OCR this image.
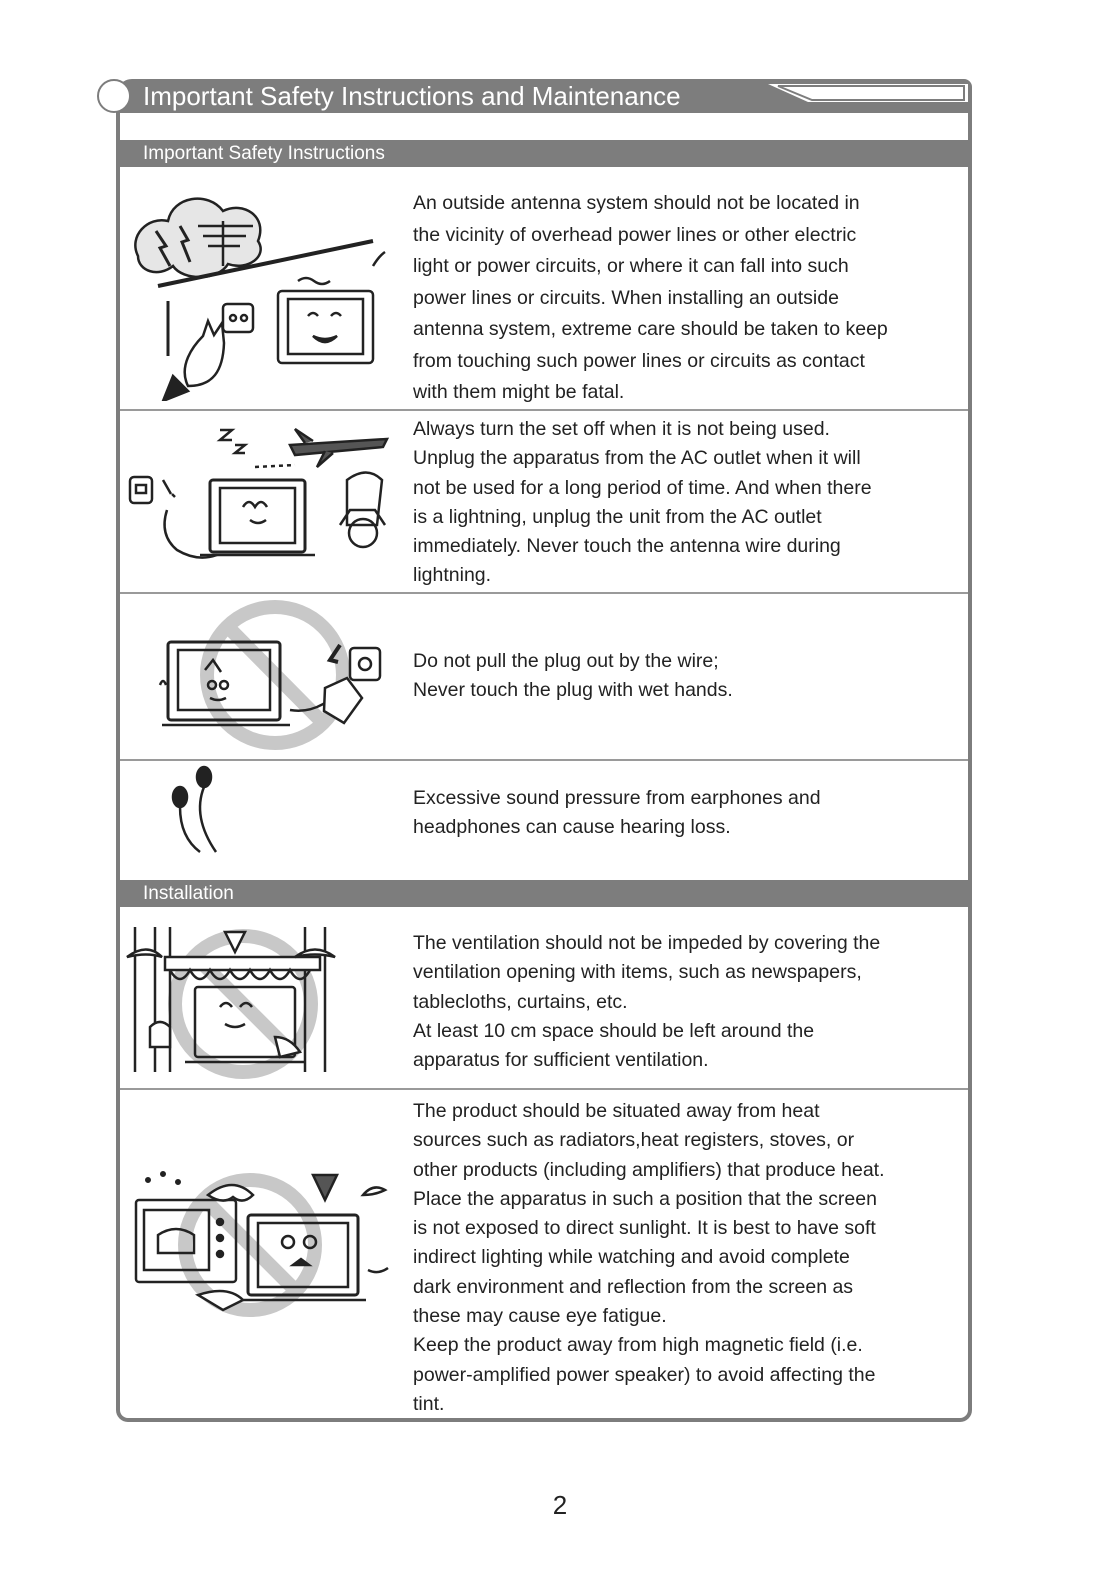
Important Safety Instructions and Maintenance
Important Safety Instructions

An outside antenna system should not be located in

the vicinity of overhead power lines or other electric

light or power circuits, or where it can fall into such

power lines or circuits. When installing an outside

antenna system, extreme care should be taken to keep

from touching such power lines or circuits as contact

with them might be fatal.

Always turn the set off when it is not being used.

Unplug the apparatus from the AC outlet when it will

not be used for a long period of time. And when there

is a lightning, unplug the unit from the AC outlet

immediately. Never touch the antenna wire during

lightning.

Do not pull the plug out by the wire;

Never touch the plug with wet hands.

Excessive sound pressure from earphones and

headphones can cause hearing loss.

Installation

The ventilation should not be impeded by covering the

ventilation opening with items, such as newspapers,

tablecloths, curtains, etc.

At least 10 cm space should be left around the

apparatus for sufficient ventilation.

The product should be situated away from heat

sources such as radiators,heat registers, stoves, or

other products (including amplifiers) that produce heat.

Place the apparatus in such a position that the screen

is not exposed to direct sunlight. It is best to have soft

indirect lighting while watching and avoid complete

dark environment and reflection from the screen as

these may cause eye fatigue.

Keep the product away from high magnetic field (i.e.

power-amplified power speaker) to avoid affecting the

tint.

2
